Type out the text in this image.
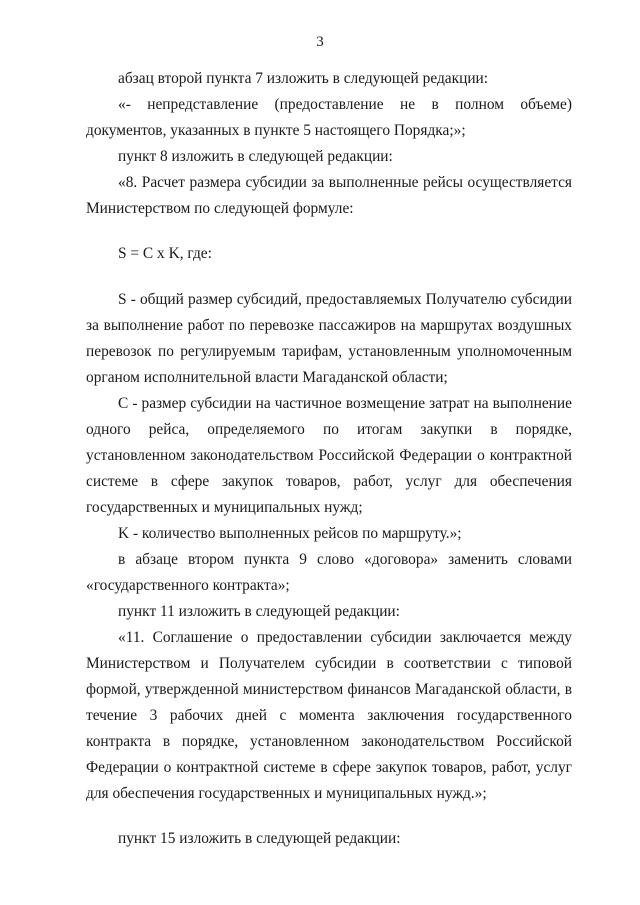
3

абзац второй пункта 7 изложить в следующей редакции:

«- непредставление (предоставление не в полном объеме) документов, указанных в пункте 5 настоящего Порядка;»;

пункт 8 изложить в следующей редакции:

«8. Расчет размера субсидии за выполненные рейсы осуществляется Министерством по следующей формуле:

S = C x K, где:

S - общий размер субсидий, предоставляемых Получателю субсидии за выполнение работ по перевозке пассажиров на маршрутах воздушных перевозок по регулируемым тарифам, установленным уполномоченным органом исполнительной власти Магаданской области;

C - размер субсидии на частичное возмещение затрат на выполнение одного рейса, определяемого по итогам закупки в порядке, установленном законодательством Российской Федерации о контрактной системе в сфере закупок товаров, работ, услуг для обеспечения государственных и муниципальных нужд;

K - количество выполненных рейсов по маршруту.»;

в абзаце втором пункта 9 слово «договора» заменить словами «государственного контракта»;

пункт 11 изложить в следующей редакции:

«11. Соглашение о предоставлении субсидии заключается между Министерством и Получателем субсидии в соответствии с типовой формой, утвержденной министерством финансов Магаданской области, в течение 3 рабочих дней с момента заключения государственного контракта в порядке, установленном законодательством Российской Федерации о контрактной системе в сфере закупок товаров, работ, услуг для обеспечения государственных и муниципальных нужд.»;

пункт 15 изложить в следующей редакции:
